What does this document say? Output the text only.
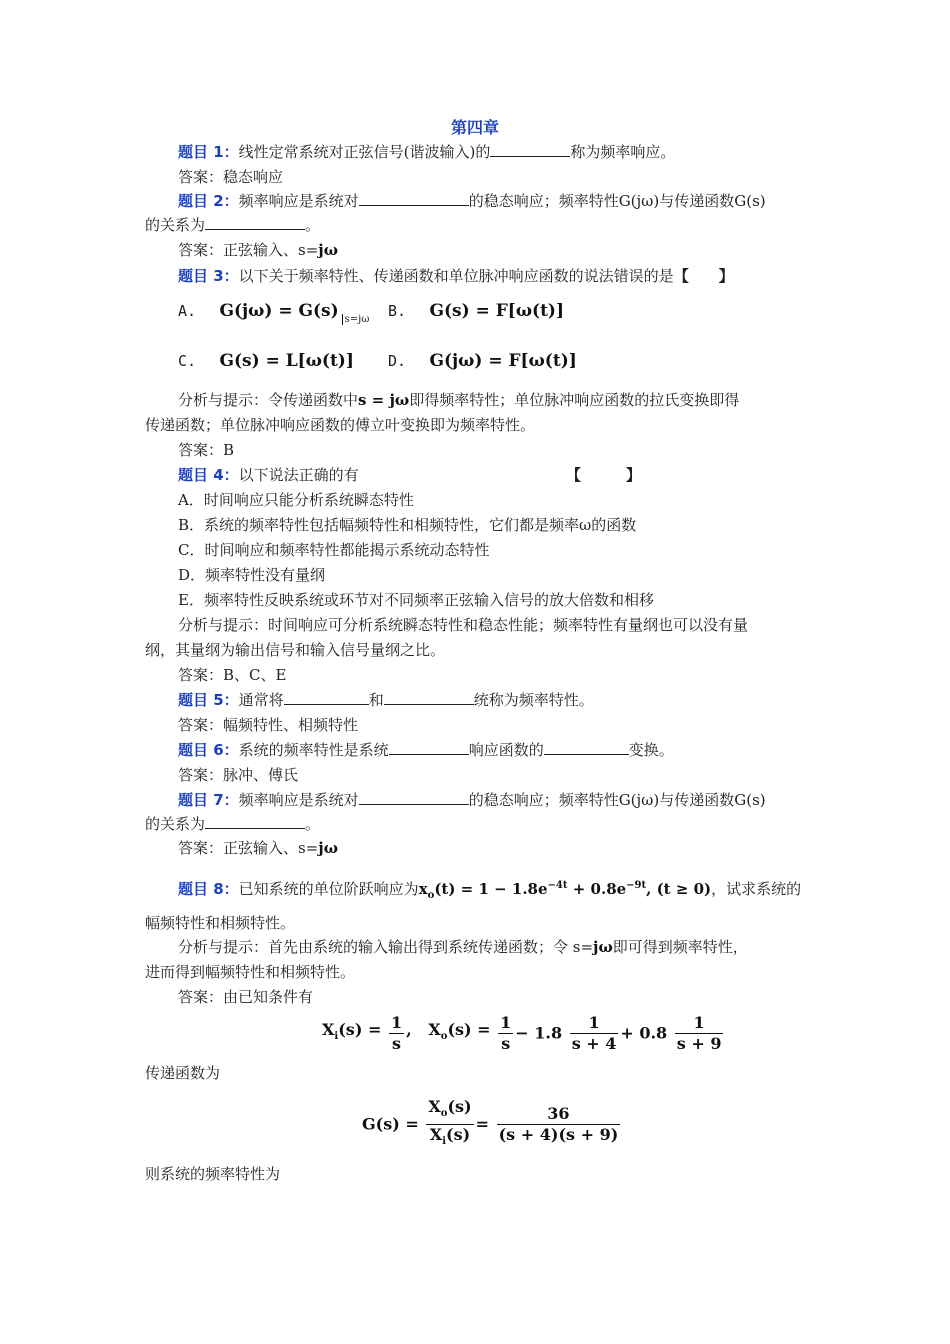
第四章
题目 1：线性定常系统对正弦信号(谐波输入)的	称为频率响应。
答案：稳态响应
题目 2：频率响应是系统对	的稳态响应；频率特性G(jω)与传递函数G(s)
的关系为	。
答案：正弦输入、s=jω
题目 3：以下关于频率特性、传递函数和单位脉冲响应函数的说法错误的是【　　】
A. G(jω) = G(s) $_{s=j\omega}$ B. G(s) = F[ω(t)]
C. G(s) = L[ω(t)] D. G(jω) = F[ω(t)]
分析与提示：令传递函数中s = jω即得频率特性；单位脉冲响应函数的拉氏变换即得
传递函数；单位脉冲响应函数的傅立叶变换即为频率特性。
答案：B
题目 4：以下说法正确的有	【　　　】
A．时间响应只能分析系统瞬态特性
B．系统的频率特性包括幅频特性和相频特性，它们都是频率ω的函数
C．时间响应和频率特性都能揭示系统动态特性
D．频率特性没有量纲
E．频率特性反映系统或环节对不同频率正弦输入信号的放大倍数和相移
分析与提示：时间响应可分析系统瞬态特性和稳态性能；频率特性有量纲也可以没有量
纲，其量纲为输出信号和输入信号量纲之比。
答案：B、C、E
题目 5：通常将	和	统称为频率特性。
答案：幅频特性、相频特性
题目 6：系统的频率特性是系统	响应函数的	变换。
答案：脉冲、傅氏
题目 7：频率响应是系统对	的稳态响应；频率特性G(jω)与传递函数G(s)
的关系为	。
答案：正弦输入、s=jω
题目 8：已知系统的单位阶跃响应为$x_o(t) = 1 - 1.8e^{-4t} + 0.8e^{-9t}$, (t ≥ 0)，试求系统的
幅频特性和相频特性。
分析与提示：首先由系统的输入输出得到系统传递函数；令 s=jω即可得到频率特性，
进而得到幅频特性和相频特性。
答案：由已知条件有
$X_i(s) = \frac{1}{s}$ ,   $X_o(s) = \frac{1}{s} - 1.8 \frac{1}{s + 4} + 0.8 \frac{1}{s + 9}$
传递函数为
$G(s) = \frac{X_o(s)}{X_i(s)} = \frac{36}{(s + 4)(s + 9)}$
则系统的频率特性为
